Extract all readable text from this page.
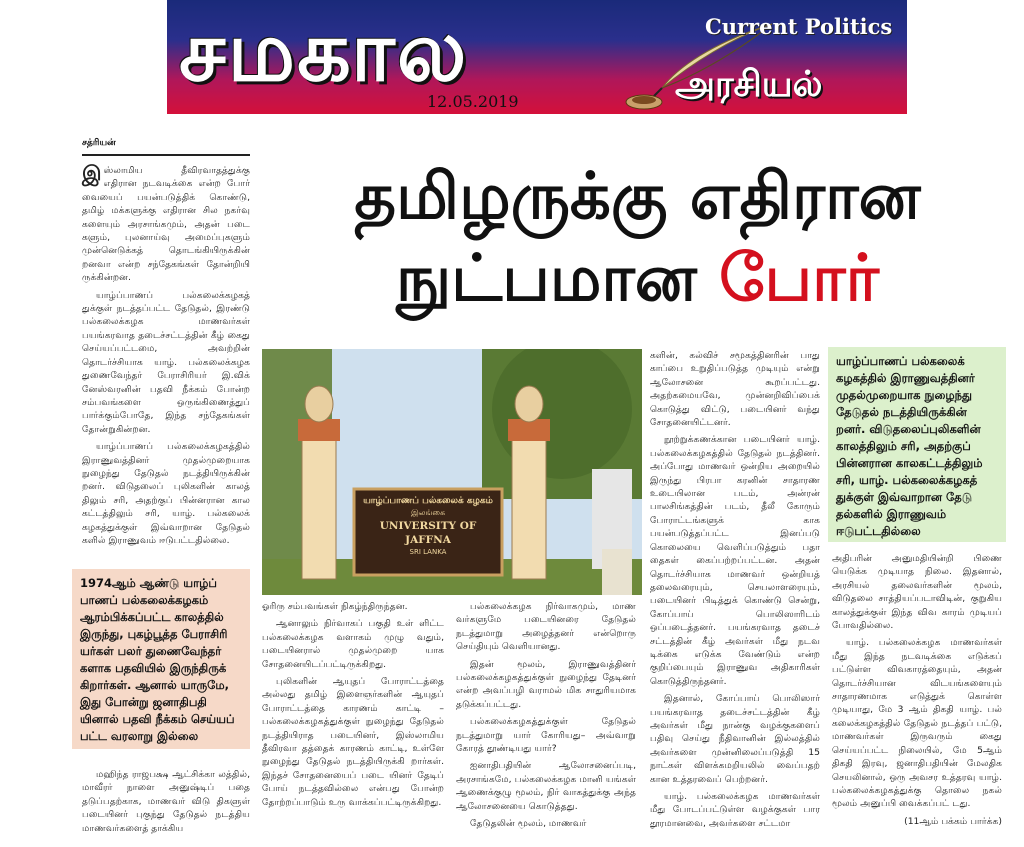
சமகால	Current Politics
அரசியல்
12.05.2019
சத்ரியன்
தமிழருக்கு எதிரான
நுட்பமான போர்

இஸ்லாமிய தீவிரவாதத்துக்கு எதிரான நடவடிக்கை என்ற போர் வையைப் பயன்படுத்திக் கொண்டு, தமிழ் மக்களுக்கு எதிரான சில நகர்வு களையும் அரசாங்கமும், அதன் படை களும், புலனாய்வு அமைப்புகளும் முன்னெடுக்கத் தொடங்கியிருக்கின் றனவா என்ற சந்தேகங்கள் தோன்றியி ருக்கின்றன.

யாழ்ப்பாணப் பல்கலைக்கழகத் துக்குள் நடத்தப்பட்ட தேடுதல், இரண்டு பல்கலைக்கழக மாணவர்கள் பயங்கரவாத தடைச்சட்டத்தின் கீழ் கைது செய்யப்பட்டமை, அவற்றின் தொடர்ச்சியாக யாழ். பல்கலைக்கழக துணைவேந்தர் பேராசிரியர் இ.விக் னேஸ்வரனின் பதவி நீக்கம் போன்ற சம்பவங்களை ஒருங்கிணைத்துப் பார்க்கும்போதே, இந்த சந்தேகங்கள் தோன்றுகின்றன.

யாழ்ப்பாணப் பல்கலைக்கழகத்தில் இராணுவத்தினர் முதல்முறையாக நுழைந்து தேடுதல் நடத்தியிருக்கின் றனர். விடுதலைப் புலிகளின் காலத் திலும் சரி, அதற்குப் பின்னரான கால கட்டத்திலும் சரி, யாழ். பல்கலைக் கழகத்துக்குள் இவ்வாறான தேடுதல் களில் இராணுவம் ஈடுபட்டதில்லை.

1974ஆம் ஆண்டு யாழ்ப் பாணப் பல்கலைக்கழகம் ஆரம்பிக்கப்பட்ட காலத்தில் இருந்து, புகழ்பூத்த பேராசிரி யர்கள் பலர் துணைவேந்தர் களாக பதவியில் இருந்திருக் கிறார்கள். ஆனால் யாருமே, இது போன்று ஜனாதிபதி யினால் பதவி நீக்கம் செய்யப் பட்ட வரலாறு இல்லை

மஹிந்த ராஜபக்ஷ ஆட்சிக்கா லத்தில், மாவீரர் நாளை அனுஷ்டிப் பதை தடுப்பதற்காக, மாணவர் விடு திகளுள் படையினர் புகுந்து தேடுதல் நடத்திய மாணவர்களைத் தாக்கிய

யாழ்ப்பாணப் பல்கலைக் கழகம்
இலங்கை
UNIVERSITY OF JAFFNA
SRI LANKA

ஓரிரு சம்பவங்கள் நிகழ்ந்திருந்தன.

ஆனாலும் நிர்வாகப் பகுதி உள் ளிட்ட பல்கலைக்கழக வளாகம் முழு வதும், படையினரால் முதல்முறை யாக சோதனையிடப்பட்டிருக்கிறது.

புலிகளின் ஆயுதப் போராட்டத்தை அல்லது தமிழ் இளைஞர்களின் ஆயுதப் போராட்டத்தை காரணம் காட்டி – பல்கலைக்கழகத்துக்குள் நுழைந்து தேடுதல் நடத்தியிராத படையினர், இஸ்லாமிய தீவிரவா தத்தைக் காரணம் காட்டி, உள்ளே நுழைந்து தேடுதல் நடத்தியிருக்கி றார்கள். இந்தச் சோதனையைப் படை யினர் தேடிப் போய் நடத்தவில்லை என்பது போன்ற தோற்றப்பாடும் உரு வாக்கப்பட்டிருக்கிறது.

பல்கலைக்கழக நிர்வாகமும், மாண வர்களுமே படையினரை தேடுதல் நடத்துமாறு அழைத்தனர் என்றொரு செய்தியும் வெளியானது.

இதன் மூலம், இராணுவத்தினர் பல்கலைக்கழகத்துக்குள் நுழைந்து தேடினர் என்ற அவப்பழி வராமல் மிக சாதுரியமாக தடுக்கப்பட்டது.

பல்கலைக்கழகத்துக்குள் தேடுதல் நடத்துமாறு யார் கோரியது– அவ்வாறு கோரத் தூண்டியது யார்?

ஐனாதிபதியின் ஆலோசனைப்படி, அரசாங்கமே, பல்கலைக்கழக மானி யங்கள் ஆணைக்குழு மூலம், நிர் வாகத்துக்கு அந்த ஆலோசனையை கொடுத்தது.

தேடுதலின் மூலம், மாணவர்

களின், கல்விச் சமூகத்தினரின் பாது காப்பை உறுதிப்படுத்த முடியும் என்று ஆலோசனை கூறப்பட்டது. அதற்கமையவே, முன்னறிவிப்பைக் கொடுத்து விட்டு, படையினர் வந்து சோதனையிட்டனர்.

நூற்றுக்கணக்கான படையினர் யாழ். பல்கலைக்கழகத்தில் தேடுதல் நடத்தினர். அப்போது மாணவர் ஒன்றிய அறையில் இருந்து பிரபா கரனின் சாதாரண உடையிலான படம், அன்ரன் பாலசிங்கத்தின் படம், தீலீ கோரும் போராட்டங்களுக் காக பயன்படுத்தப்பட்ட இனப்படு கொலையை வெளிப்படுத்தும் பதா தைகள் கைப்பற்றப்பட்டன. அதன் தொடர்ச்சியாக மாணவர் ஒன்றியத் தலைவரையும், செயலாளரையும், படையினர் பிடித்துக் கொண்டு சென்று, கோப்பாய் பொலிஸாரிடம் ஒப்படைத்தனர். பயங்கரவாத தடைச் சட்டத்தின் கீழ் அவர்கள் மீது நடவ டிக்கை எடுக்க வேண்டும் என்ற குறிப்பையும் இராணுவ அதிகாரிகள் கொடுத்திருந்தனர்.

இதனால், கோப்பாய் பொலிஸார் பயங்கரவாத தடைச்சட்டத்தின் கீழ் அவர்கள் மீது நான்கு வழக்குகளைப் பதிவு செய்து நீதிவானின் இல்லத்தில் அவர்களை முன்னிலைப்படுத்தி 15 நாட்கள் விளக்கமறியலில் வைப்பதற் கான உத்தரவைப் பெற்றனர்.

யாழ். பல்கலைக்கழக மாணவர்கள் மீது போடப்பட்டுள்ள வழக்குகள் பார தூரமானவை, அவர்களை சட்டமா

யாழ்ப்பாணப் பல்கலைக் கழகத்தில் இராணுவத்தினர் முதல்முறையாக நுழைந்து தேடுதல் நடத்தியிருக்கின் றனர். விடுதலைப்புலிகளின் காலத்திலும் சரி, அதற்குப் பின்னரான காலகட்டத்திலும் சரி, யாழ். பல்கலைக்கழகத் துக்குள் இவ்வாறான தேடு தல்களில் இராணுவம் ஈடுபட்டதில்லை

அதிபரின் அனுமதியின்றி பிணை யெடுக்க முடியாத நிலை. இதனால், அரசியல் தலைவர்களின் மூலம், விடுதலை சாத்தியப்படாவிடின், குறுகிய காலத்துக்குள் இந்த விவ காரம் முடியப் போவதில்லை.

யாழ். பல்கலைக்கழக மாணவர்கள் மீது இந்த நடவடிக்கை எடுக்கப் பட்டுள்ள விவகாரத்தையும், அதன் தொடர்ச்சியான விடயங்களையும் சாதாரணமாக எடுத்துக் கொள்ள முடியாது, மே 3 ஆம் திகதி யாழ். பல் கலைக்கழகத்தில் தேடுதல் நடத்தப் பட்டு, மாணவர்கள் இருவரும் கைது செய்யப்பட்ட நிலையில், மே 5ஆம் திகதி இரவு, ஜனாதிபதியின் மேலதிக செயலினால், ஒரு அவசர உத்தரவு யாழ். பல்கலைக்கழகத்துக்கு தொலை நகல் மூலம் அனுப்பி வைக்கப்பட் டது.

(11ஆம் பக்கம் பார்க்க)
